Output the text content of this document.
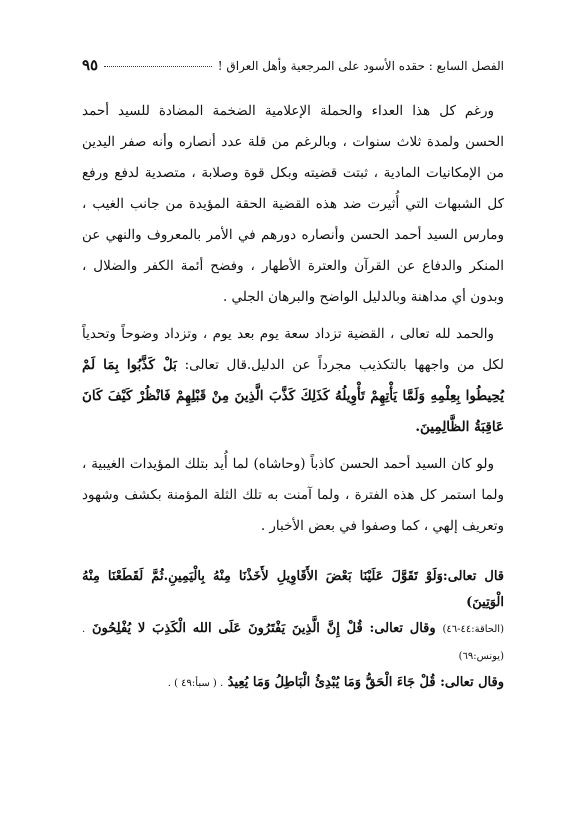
الفصل السابع : حقده الأسود على المرجعية وأهل العراق !
٩٥

ورغم كل هذا العداء والحملة الإعلامية الضخمة المضادة للسيد أحمد الحسن ولمدة ثلاث سنوات ، وبالرغم من قلة عدد أنصاره وأنه صفر اليدين من الإمكانيات المادية ، ثبتت قضيته وبكل قوة وصلابة ، متصدية لدفع ورفع كل الشبهات التي أُثيرت ضد هذه القضية الحقة المؤيدة من جانب الغيب ، ومارس السيد أحمد الحسن وأنصاره دورهم في الأمر بالمعروف والنهي عن المنكر والدفاع عن القرآن والعترة الأطهار ، وفضح أئمة الكفر والضلال ، وبدون أي مداهنة وبالدليل الواضح والبرهان الجلي .

والحمد لله تعالى ، القضية تزداد سعة يوم بعد يوم ، وتزداد وضوحاً وتحدياً لكل من واجهها بالتكذيب مجرداً عن الدليل.قال تعالى: بَلْ كَذَّبُوا بِمَا لَمْ يُحِيطُوا بِعِلْمِهِ وَلَمَّا يَأْتِهِمْ تَأْوِيلُهُ كَذَلِكَ كَذَّبَ الَّذِينَ مِنْ قَبْلِهِمْ فَانْظُرْ كَيْفَ كَانَ عَاقِبَةُ الظَّالِمِينَ.

ولو كان السيد أحمد الحسن كاذباً (وحاشاه) لما أُيد بتلك المؤيدات الغيبية ، ولما استمر كل هذه الفترة ، ولما آمنت به تلك الثلة المؤمنة بكشف وشهود وتعريف إلهي ، كما وصفوا في بعض الأخبار .

قال تعالى:وَلَوْ تَقَوَّلَ عَلَيْنَا بَعْضَ الأَقَاوِيلِ لأَخَذْنَا مِنْهُ بِالْيَمِينِ.ثُمَّ لَقَطَعْنَا مِنْهُ الْوَتِينَ)
(الحاقة:٤٤-٤٦) وقال تعالى: قُلْ إِنَّ الَّذِينَ يَفْتَرُونَ عَلَى الله الْكَذِبَ لا يُفْلِحُونَ .(يونس:٦٩)
وقال تعالى: قُلْ جَاءَ الْحَقُّ وَمَا يُبْدِئُ الْبَاطِلُ وَمَا يُعِيدُ . ( سبأ:٤٩ ) .
